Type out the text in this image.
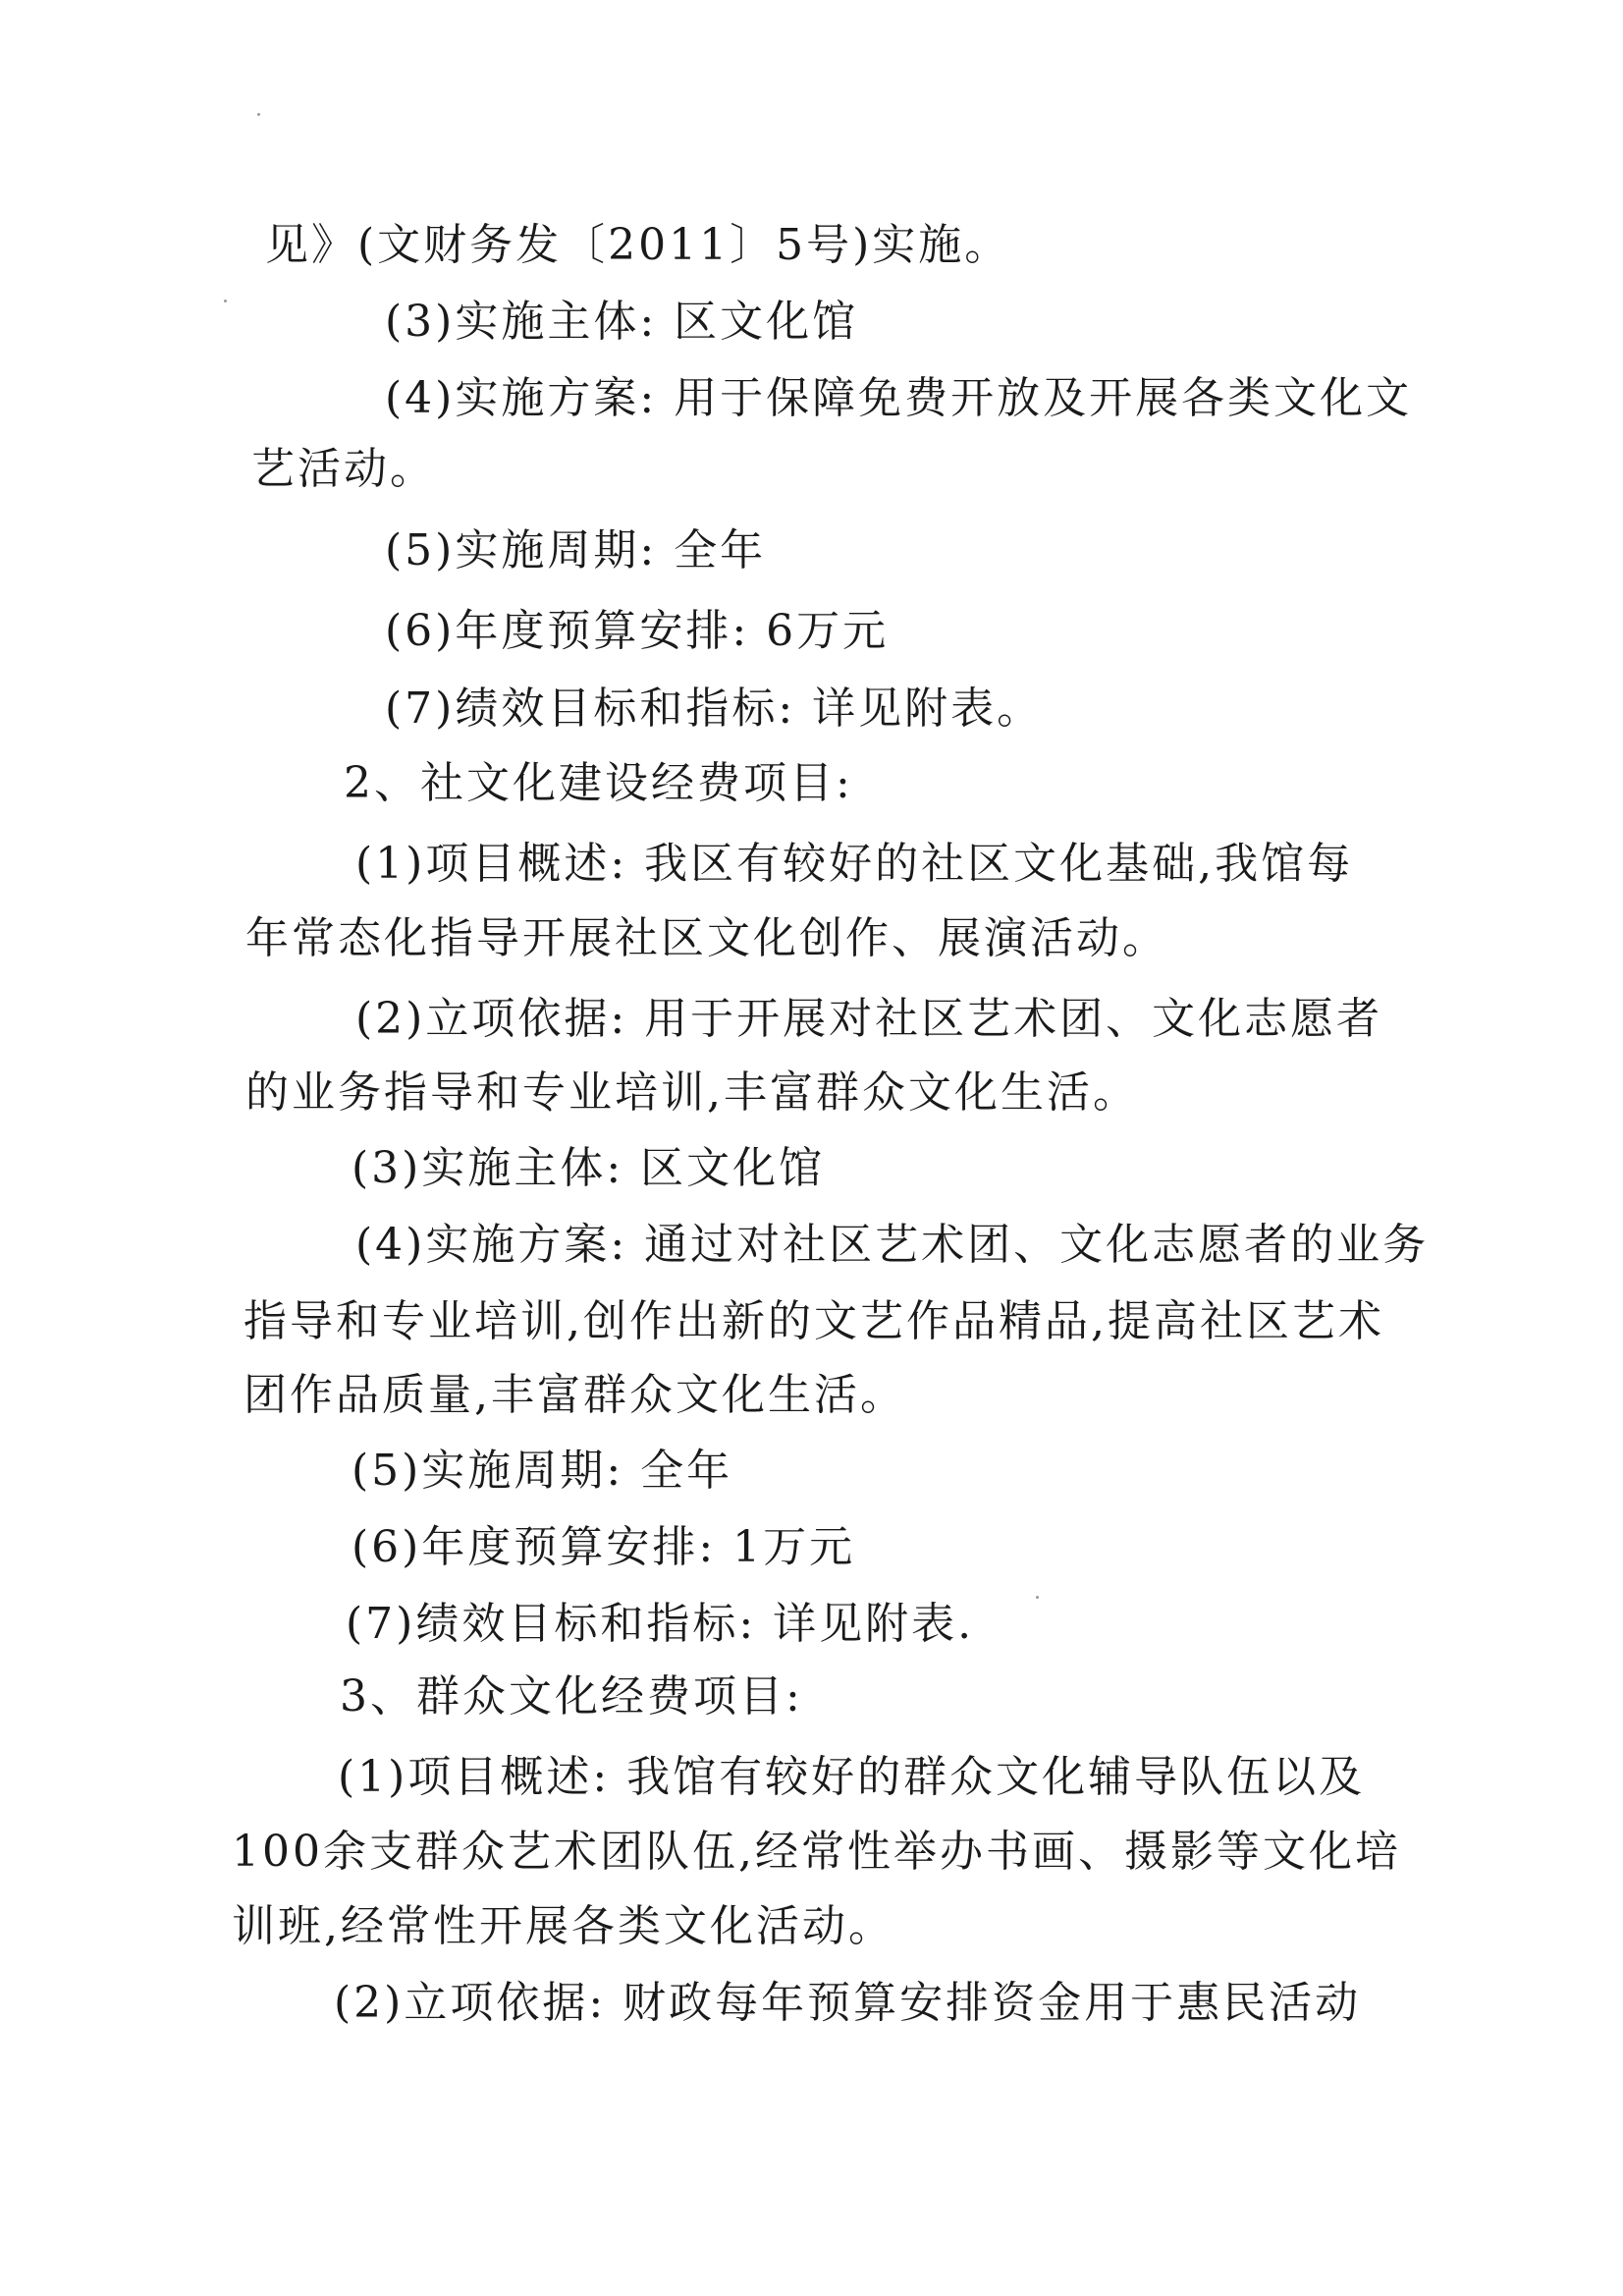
见》(文财务发〔2011〕5号)实施。
(3)实施主体: 区文化馆
(4)实施方案: 用于保障免费开放及开展各类文化文
艺活动。
(5)实施周期: 全年
(6)年度预算安排: 6万元
(7)绩效目标和指标: 详见附表。
2、社文化建设经费项目:
(1)项目概述: 我区有较好的社区文化基础,我馆每
年常态化指导开展社区文化创作、展演活动。
(2)立项依据: 用于开展对社区艺术团、文化志愿者
的业务指导和专业培训,丰富群众文化生活。
(3)实施主体: 区文化馆
(4)实施方案: 通过对社区艺术团、文化志愿者的业务
指导和专业培训,创作出新的文艺作品精品,提高社区艺术
团作品质量,丰富群众文化生活。
(5)实施周期: 全年
(6)年度预算安排: 1万元
(7)绩效目标和指标: 详见附表.
3、群众文化经费项目:
(1)项目概述: 我馆有较好的群众文化辅导队伍以及
100余支群众艺术团队伍,经常性举办书画、摄影等文化培
训班,经常性开展各类文化活动。
(2)立项依据: 财政每年预算安排资金用于惠民活动
